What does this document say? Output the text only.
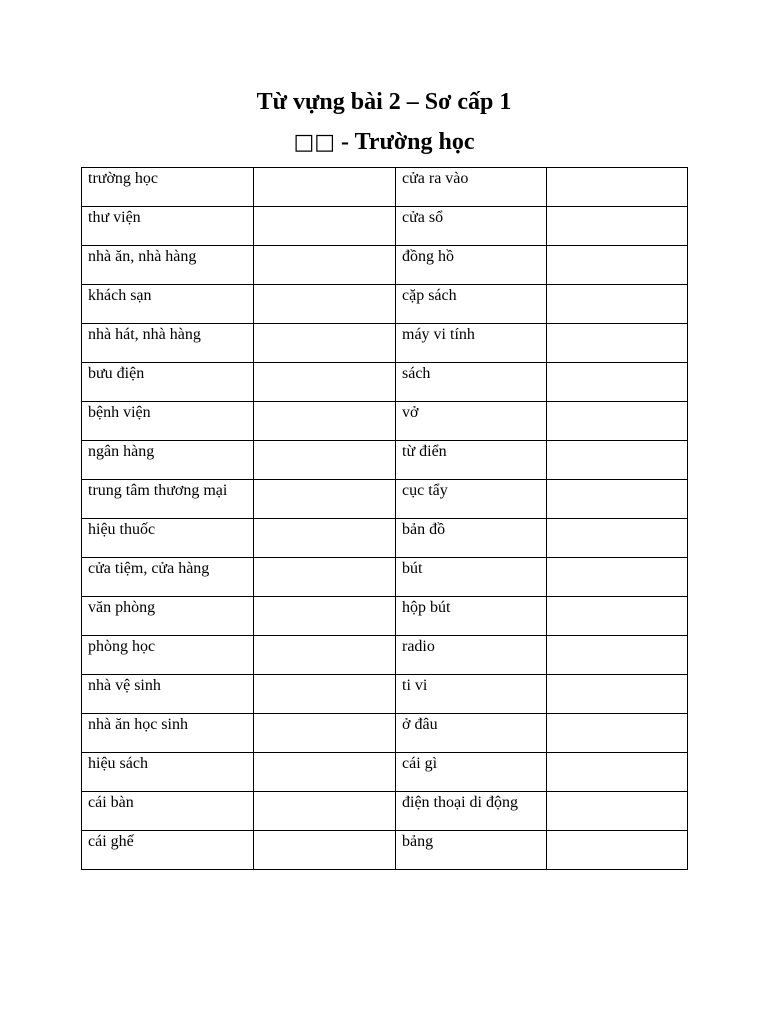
Từ vựng bài 2 – Sơ cấp 1
□□ - Trường học
trường học		cửa ra vào	

thư viện		cửa sổ	

nhà ăn, nhà hàng		đồng hồ	

khách sạn		cặp sách	

nhà hát, nhà hàng		máy vi tính	

bưu điện		sách	

bệnh viện		vở	

ngân hàng		từ điển	

trung tâm thương mại		cục tẩy	

hiệu thuốc		bản đồ	

cửa tiệm, cửa hàng		bút	

văn phòng		hộp bút	

phòng học		radio	

nhà vệ sinh		ti vi	

nhà ăn học sinh		ở đâu	

hiệu sách		cái gì	

cái bàn		điện thoại di động	

cái ghế		bảng	
